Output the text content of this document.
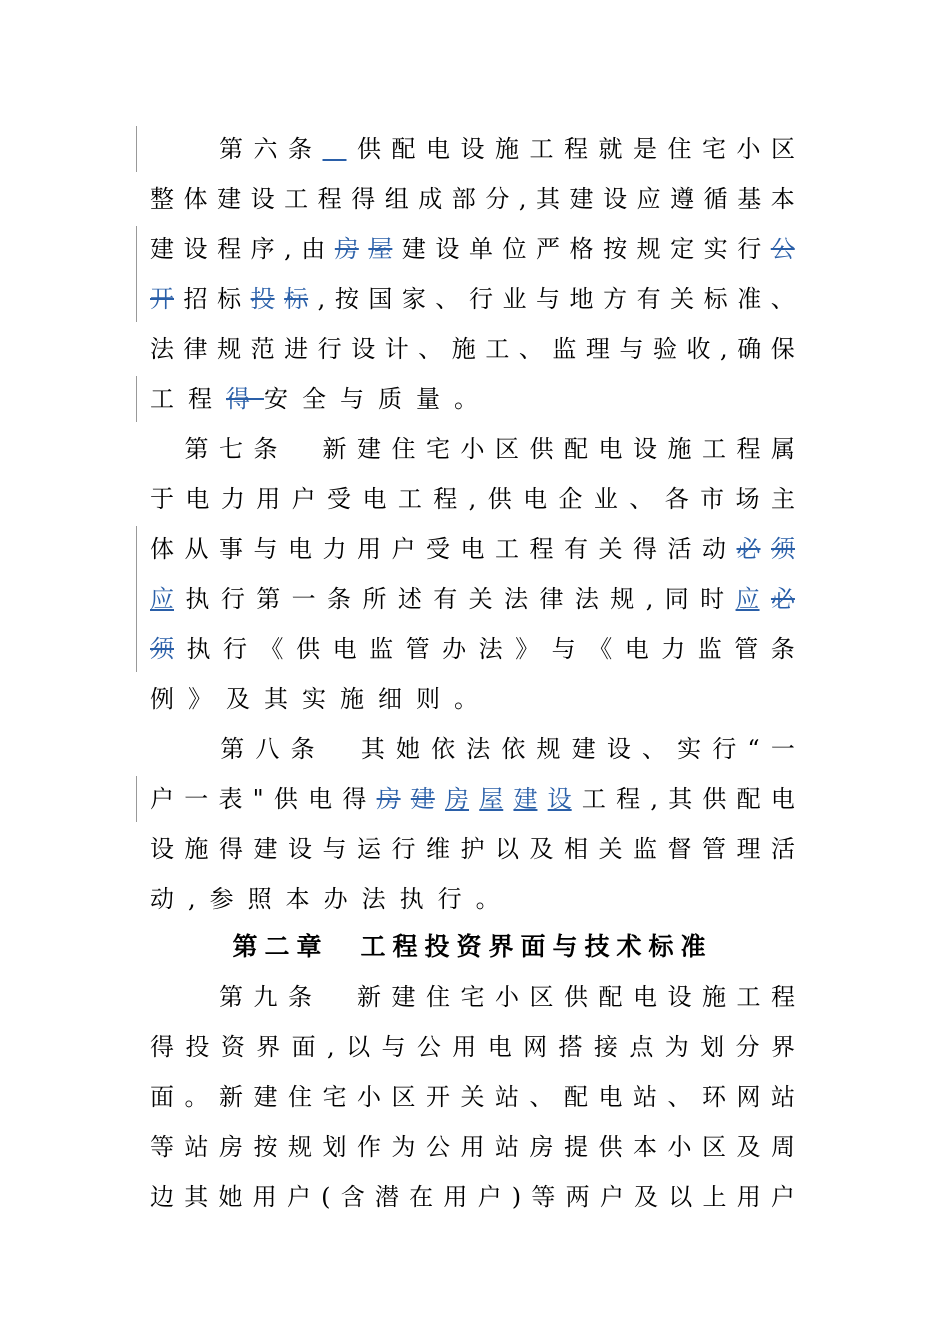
第 六 条
　 供 配 电 设 施 工 程 就 是 住 宅 小 区
整 体 建 设 工 程 得 组 成 部 分 , 其 建 设 应 遵 循 基 本
建 设 程 序 , 由 房 屋 建 设 单 位 严 格 按 规 定 实 行 公
开 招 标 投 标 , 按 国 家 、 行 业 与 地 方 有 关 标 准 、
法 律 规 范 进 行 设 计 、 施 工 、 监 理 与 验 收 , 确 保
工 程 得 安 全 与 质 量 。

第 七 条
　 新 建 住 宅 小 区 供 配 电 设 施 工 程 属
于 电 力 用 户 受 电 工 程 , 供 电 企 业 、 各 市 场 主
体 从 事 与 电 力 用 户 受 电 工 程 有 关 得 活 动 必 须
应 执 行 第 一 条 所 述 有 关 法 律 法 规 , 同 时 应 必
须 执 行 《 供 电 监 管 办 法 》 与 《 电 力 监 管 条
例 》 及 其 实 施 细 则 。

第 八 条
　 其 她 依 法 依 规 建 设 、 实 行 “ 一
户 一 表 " 供 电 得 房 建 房 屋 建 设 工 程 , 其 供 配 电
设 施 得 建 设 与 运 行 维 护 以 及 相 关 监 督 管 理 活
动 , 参 照 本 办 法 执 行 。
第二章　工程投资界面与技术标准

第 九 条
　 新 建 住 宅 小 区 供 配 电 设 施 工 程
得 投 资 界 面 , 以 与 公 用 电 网 搭 接 点 为 划 分 界
面 。 新 建 住 宅 小 区 开 关 站 、 配 电 站 、 环 网 站
等 站 房 按 规 划 作 为 公 用 站 房 提 供 本 小 区 及 周
边 其 她 用 户 ( 含 潜 在 用 户 ) 等 两 户 及 以 上 用 户
